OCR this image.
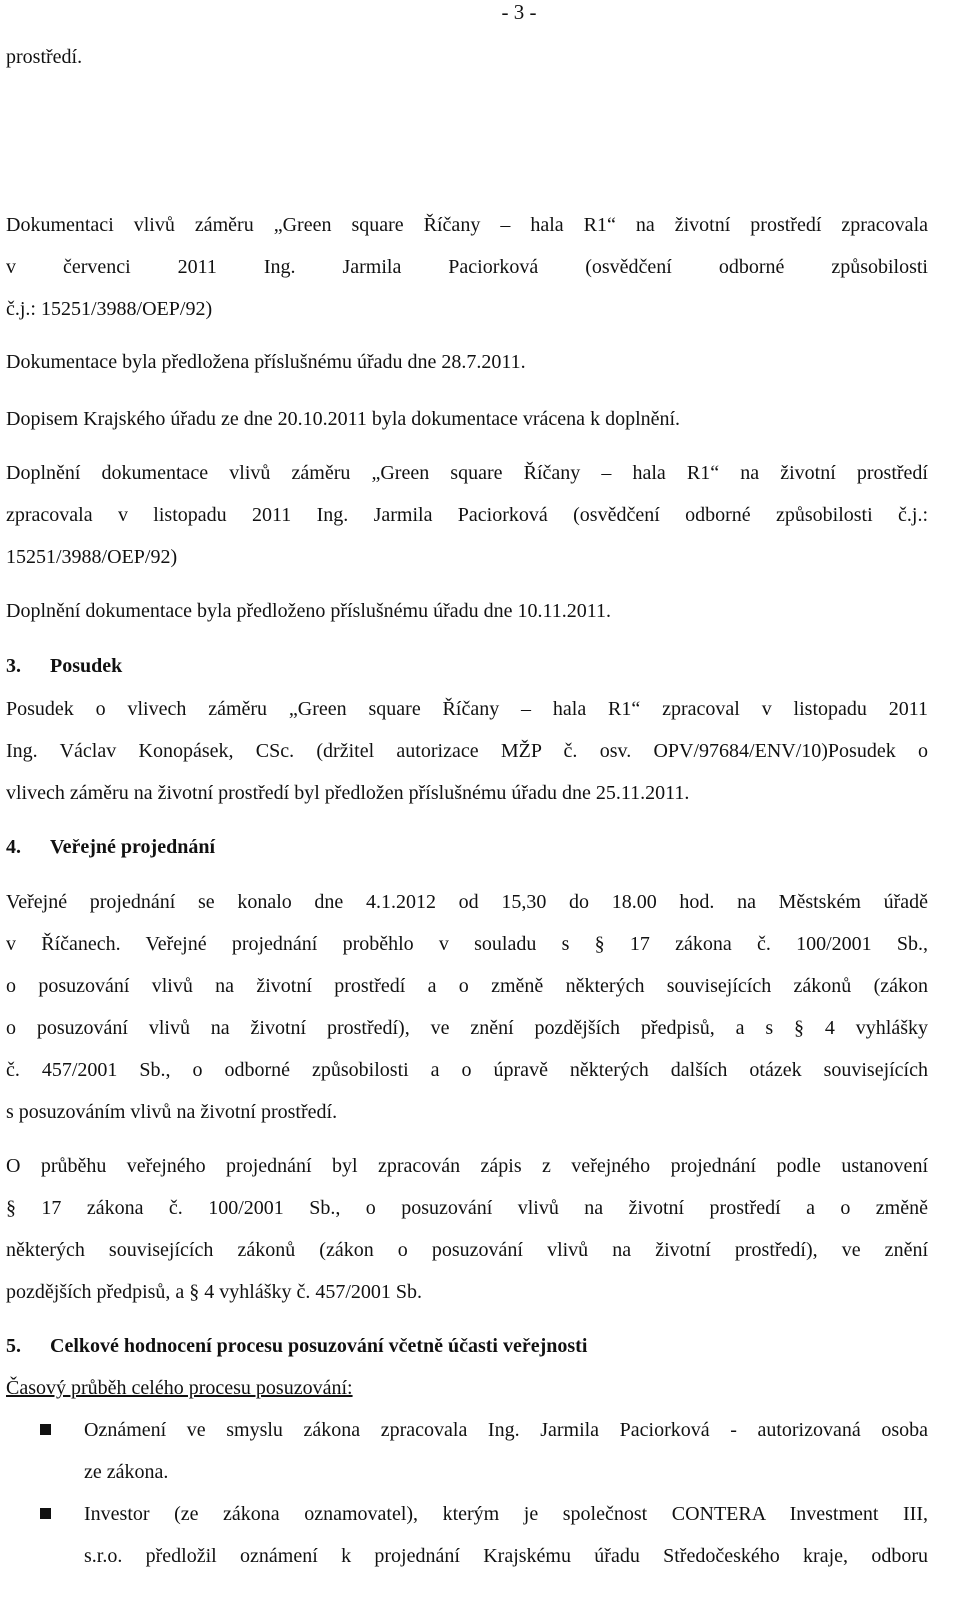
- 3 -
prostředí.
Dokumentaci vlivů záměru „Green square Říčany – hala R1“ na životní prostředí zpracovala
v červenci 2011 Ing. Jarmila Paciorková (osvědčení odborné způsobilosti
č.j.: 15251/3988/OEP/92)
Dokumentace byla předložena příslušnému úřadu dne 28.7.2011.
Dopisem Krajského úřadu ze dne 20.10.2011 byla dokumentace vrácena k doplnění.
Doplnění dokumentace vlivů záměru „Green square Říčany – hala R1“ na životní prostředí
zpracovala v listopadu 2011 Ing. Jarmila Paciorková (osvědčení odborné způsobilosti č.j.:
15251/3988/OEP/92)
Doplnění dokumentace byla předloženo příslušnému úřadu dne 10.11.2011.
3. Posudek
Posudek o vlivech záměru „Green square Říčany – hala R1“ zpracoval v listopadu 2011
Ing. Václav Konopásek, CSc. (držitel autorizace MŽP č. osv. OPV/97684/ENV/10)Posudek o
vlivech záměru na životní prostředí byl předložen příslušnému úřadu dne 25.11.2011.
4. Veřejné projednání
Veřejné projednání se konalo dne 4.1.2012 od 15,30 do 18.00 hod. na Městském úřadě
v Říčanech. Veřejné projednání proběhlo v souladu s § 17 zákona č. 100/2001 Sb.,
o posuzování vlivů na životní prostředí a o změně některých souvisejících zákonů (zákon
o posuzování vlivů na životní prostředí), ve znění pozdějších předpisů, a s § 4 vyhlášky
č. 457/2001 Sb., o odborné způsobilosti a o úpravě některých dalších otázek souvisejících
s posuzováním vlivů na životní prostředí.
O průběhu veřejného projednání byl zpracován zápis z veřejného projednání podle ustanovení
§ 17 zákona č. 100/2001 Sb., o posuzování vlivů na životní prostředí a o změně
některých souvisejících zákonů (zákon o posuzování vlivů na životní prostředí), ve znění
pozdějších předpisů, a § 4 vyhlášky č. 457/2001 Sb.
5. Celkové hodnocení procesu posuzování včetně účasti veřejnosti
Časový průběh celého procesu posuzování:
Oznámení ve smyslu zákona zpracovala Ing. Jarmila Paciorková - autorizovaná osoba
ze zákona.
Investor (ze zákona oznamovatel), kterým je společnost CONTERA Investment III,
s.r.o. předložil oznámení k projednání Krajskému úřadu Středočeského kraje, odboru
